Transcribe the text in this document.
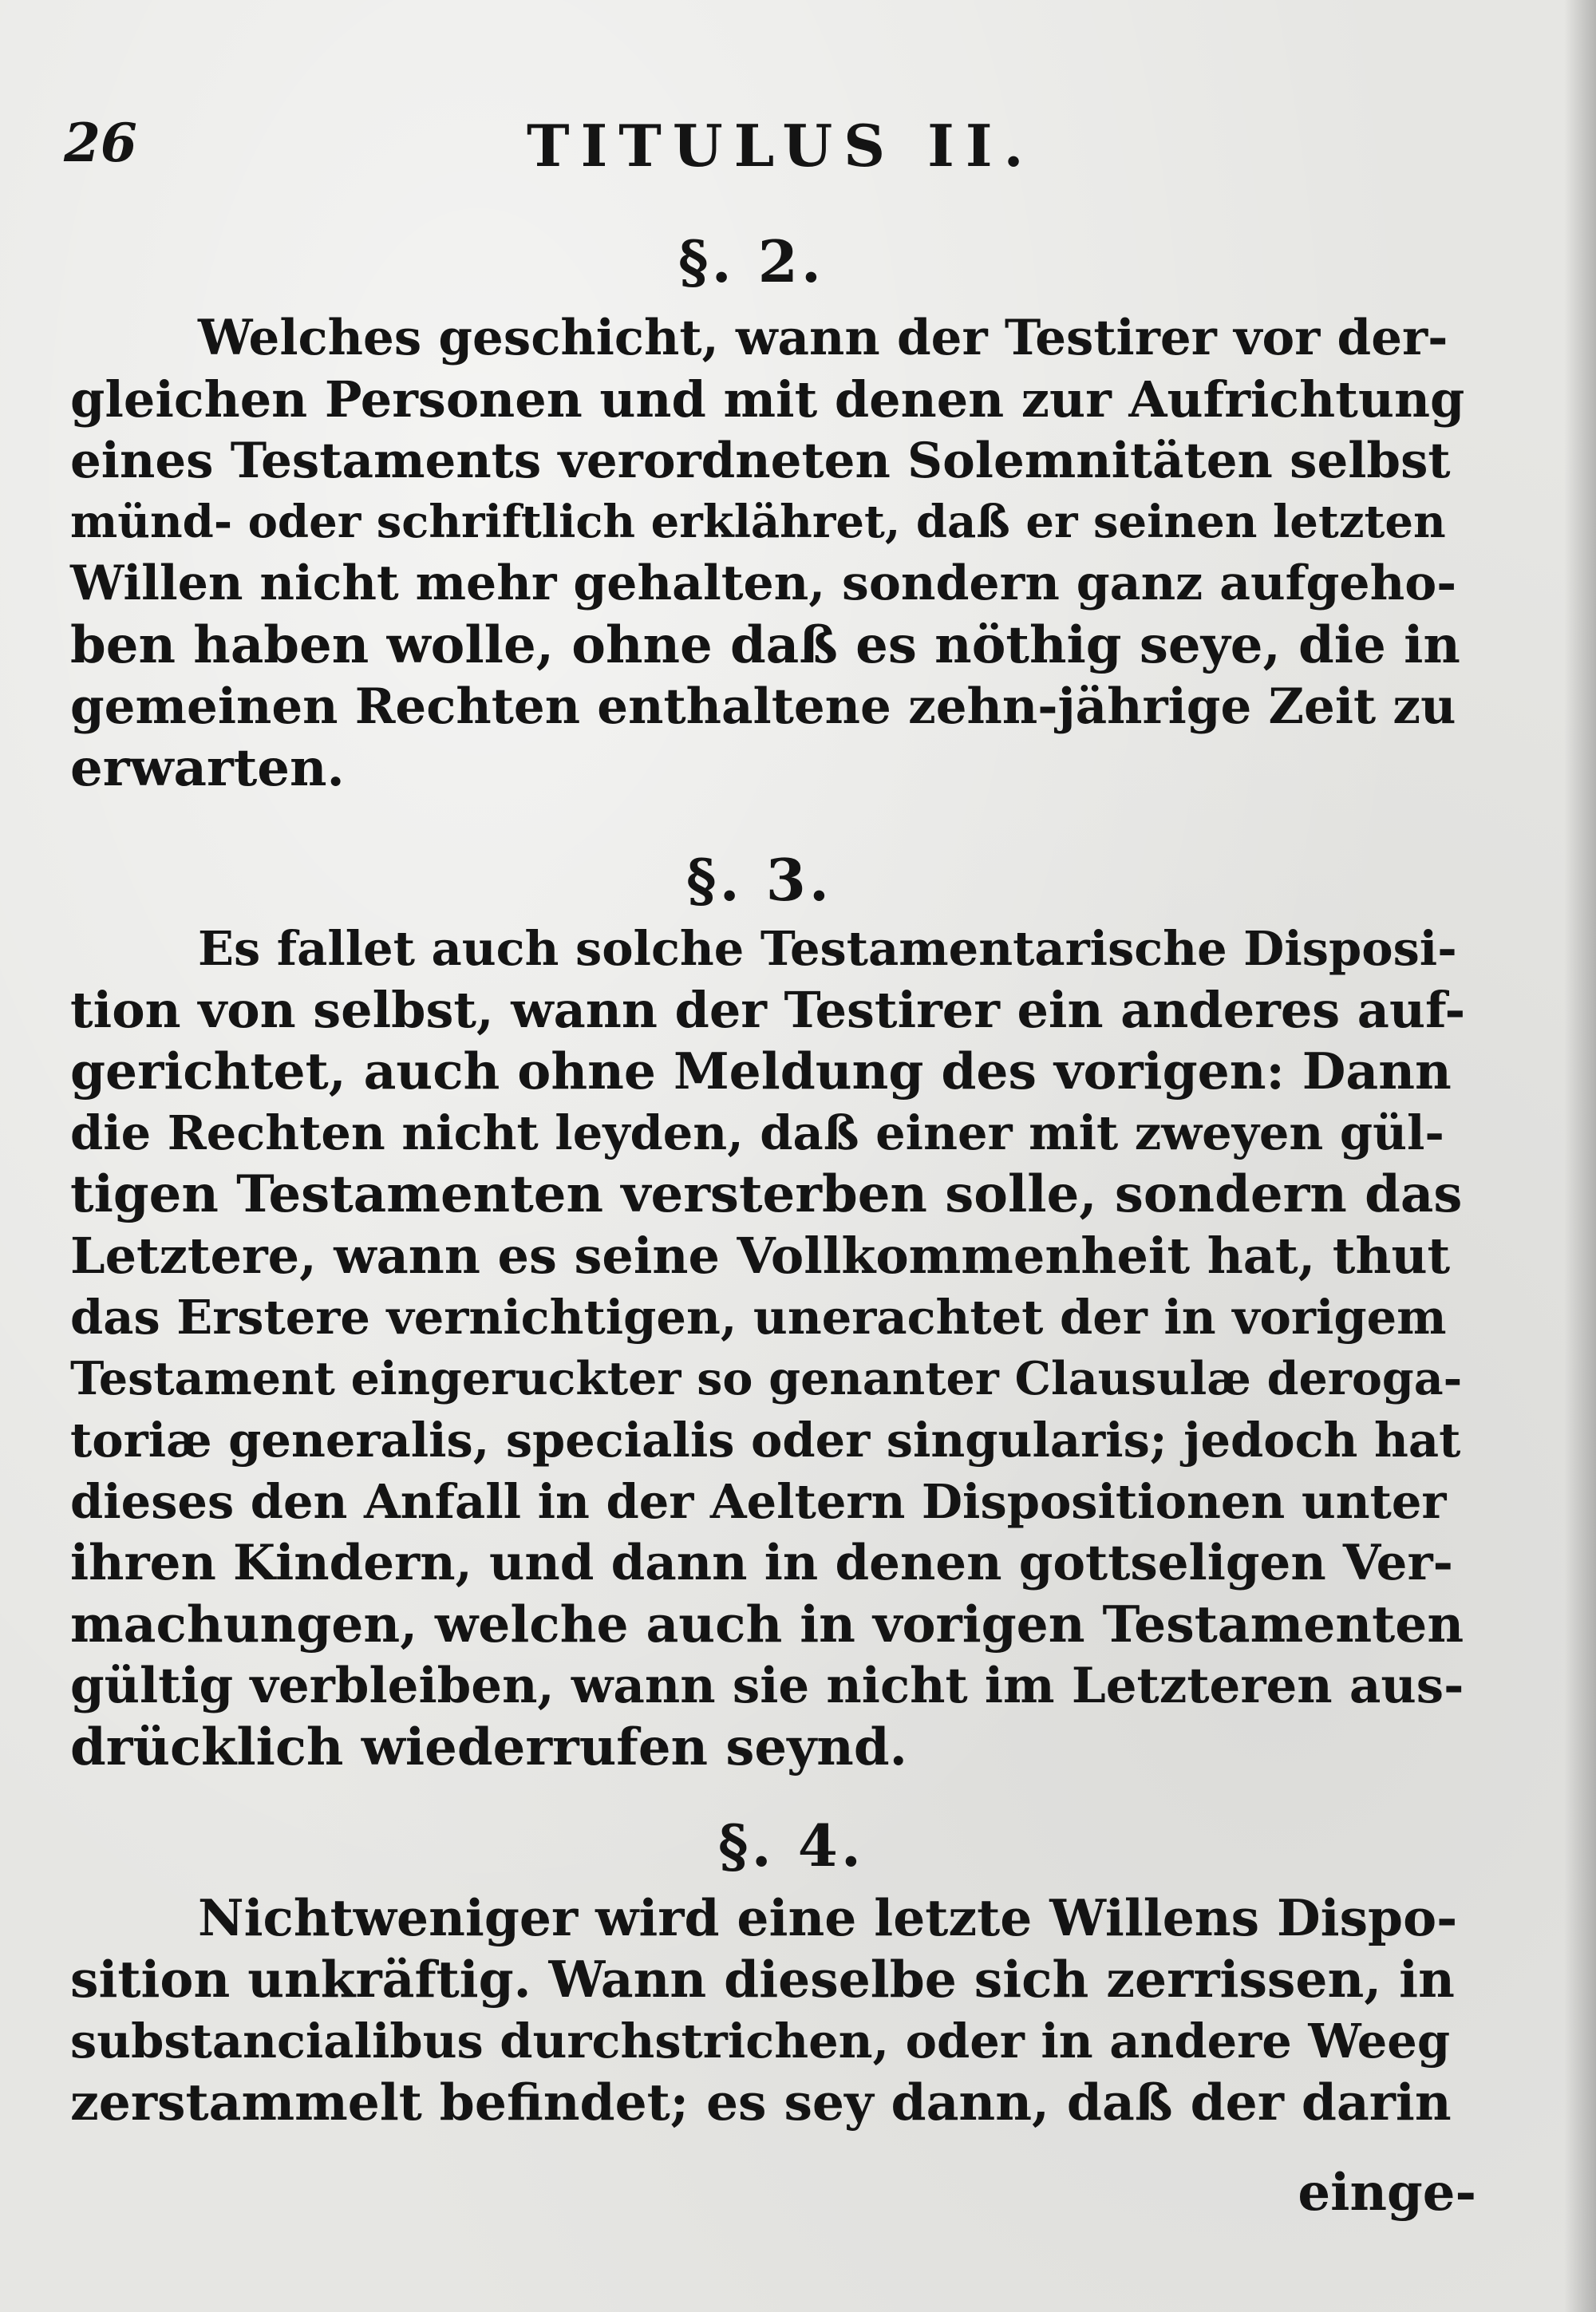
26	TITULUS II.
§. 2.
Welches geschicht, wann der Testirer vor der-
gleichen Personen und mit denen zur Aufrichtung
eines Testaments verordneten Solemnitäten selbst
münd- oder schriftlich erklähret, daß er seinen letzten
Willen nicht mehr gehalten, sondern ganz aufgeho-
ben haben wolle, ohne daß es nöthig seye, die in
gemeinen Rechten enthaltene zehn-jährige Zeit zu
erwarten.
§. 3.
Es fallet auch solche Testamentarische Disposi-
tion von selbst, wann der Testirer ein anderes auf-
gerichtet, auch ohne Meldung des vorigen: Dann
die Rechten nicht leyden, daß einer mit zweyen gül-
tigen Testamenten versterben solle, sondern das
Letztere, wann es seine Vollkommenheit hat, thut
das Erstere vernichtigen, unerachtet der in vorigem
Testament eingeruckter so genanter Clausulæ deroga-
toriæ generalis, specialis oder singularis; jedoch hat
dieses den Anfall in der Aeltern Dispositionen unter
ihren Kindern, und dann in denen gottseligen Ver-
machungen, welche auch in vorigen Testamenten
gültig verbleiben, wann sie nicht im Letzteren aus-
drücklich wiederrufen seynd.
§. 4.
Nichtweniger wird eine letzte Willens Dispo-
sition unkräftig. Wann dieselbe sich zerrissen, in
substancialibus durchstrichen, oder in andere Weeg
zerstammelt befindet; es sey dann, daß der darin
einge-
